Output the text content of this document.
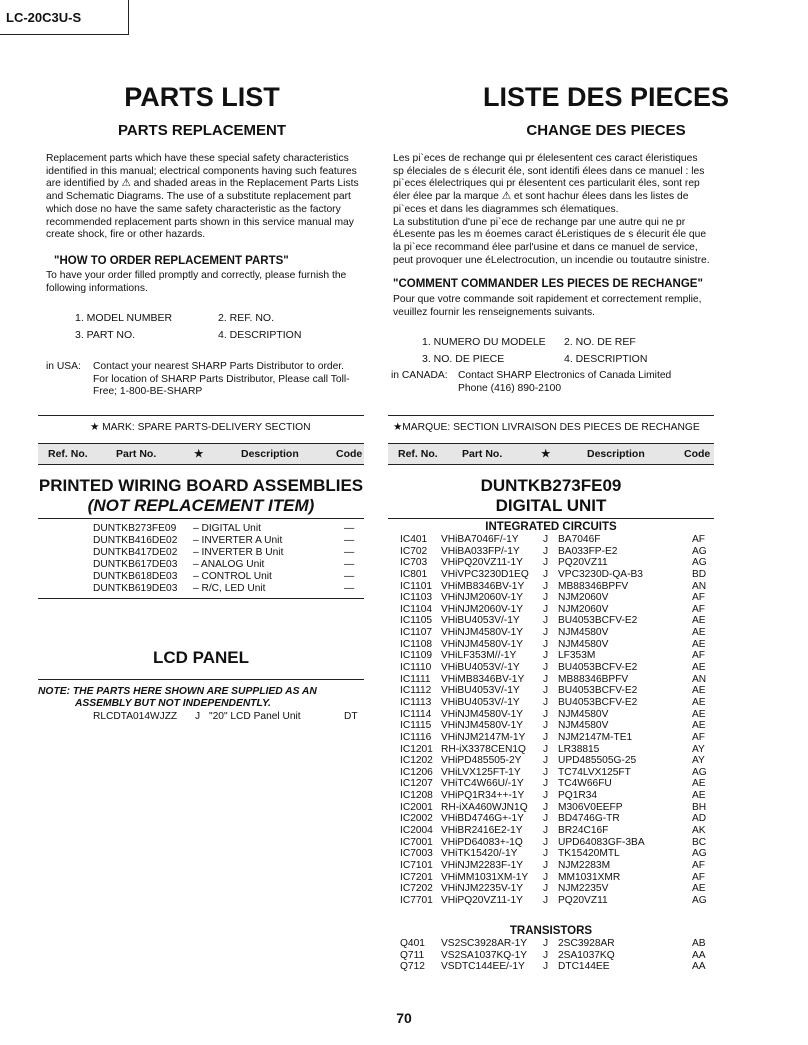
LC-20C3U-S
PARTS LIST
PARTS REPLACEMENT
Replacement parts which have these special safety characteristics
identified in this manual; electrical components having such features
are identified by ⚠ and shaded areas in the Replacement Parts Lists
and Schematic Diagrams. The use of a substitute replacement part
which dose no have the same safety characteristic as the factory
recommended replacement parts shown in this service manual may
create shock, fire or other hazards.
"HOW TO ORDER REPLACEMENT PARTS"
To have your order filled promptly and correctly, please furnish the
following informations.
1. MODEL NUMBER	2. REF. NO.
3. PART NO.	4. DESCRIPTION
in USA: Contact your nearest SHARP Parts Distributor to order.
For location of SHARP Parts Distributor, Please call Toll-
Free; 1-800-BE-SHARP
LISTE DES PIECES
CHANGE DES PIECES
Les pi`eces de rechange qui pr élelesentent ces caract éleristiques
sp éleciales de s élecurit éle, sont identifi élees dans ce manuel : les
pi`eces élelectriques qui pr élesentent ces particularit éles, sont rep
éler élee par la marque ⚠ et sont hachur élees dans les listes de
pi`eces et dans les diagrammes sch élematiques.
La substitution d'une pi`ece de rechange par une autre qui ne pr
éLesente pas les m éoemes caract éLeristiques de s élecurit éle que
la pi`ece recommand élee parl'usine et dans ce manuel de service,
peut provoquer une éLelectrocution, un incendie ou toutautre sinistre.
"COMMENT COMMANDER LES PIECES DE RECHANGE"
Pour que votre commande soit rapidement et correctement remplie,
veuillez fournir les renseignements suivants.
1. NUMERO DU MODELE 2. NO. DE REF
3. NO. DE PIECE	4. DESCRIPTION
in CANADA: Contact SHARP Electronics of Canada Limited
Phone (416) 890-2100
★ MARK: SPARE PARTS-DELIVERY SECTION	★MARQUE: SECTION LIVRAISON DES PIECES DE RECHANGE
Ref. No.	Part No.	★	Description	Code	Ref. No. Part No.	★	Description	Code
PRINTED WIRING BOARD ASSEMBLIES
(NOT REPLACEMENT ITEM)
DUNTKB273FE09 – DIGITAL Unit	—
DUNTKB416DE02 – INVERTER A Unit	—
DUNTKB417DE02 – INVERTER B Unit	—
DUNTKB617DE03 – ANALOG Unit	—
DUNTKB618DE03 – CONTROL Unit	—
DUNTKB619DE03 – R/C, LED Unit	—
LCD PANEL
NOTE: THE PARTS HERE SHOWN ARE SUPPLIED AS AN
ASSEMBLY BUT NOT INDEPENDENTLY.
RLCDTA014WJZZ J "20" LCD Panel Unit	DT
DUNTKB273FE09
DIGITAL UNIT
INTEGRATED CIRCUITS
IC401 VHiBA7046F/-1Y J BA7046F	AF
IC702 VHiBA033FP/-1Y J BA033FP-E2	AG
IC703 VHiPQ20VZ11-1Y J PQ20VZ11	AG
IC801 VHiVPC3230D1EQ J VPC3230D-QA-B3	BD
IC1101 VHiMB8346BV-1Y J MB88346BPFV	AN
IC1103 VHiNJM2060V-1Y J NJM2060V	AF
IC1104 VHiNJM2060V-1Y J NJM2060V	AF
IC1105 VHiBU4053V/-1Y J BU4053BCFV-E2	AE
IC1107 VHiNJM4580V-1Y J NJM4580V	AE
IC1108 VHiNJM4580V-1Y J NJM4580V	AE
IC1109 VHiLF353M//-1Y	J LF353M	AF
IC1110 VHiBU4053V/-1Y J BU4053BCFV-E2	AE
IC1111 VHiMB8346BV-1Y J MB88346BPFV	AN
IC1112 VHiBU4053V/-1Y J BU4053BCFV-E2	AE
IC1113 VHiBU4053V/-1Y J BU4053BCFV-E2	AE
IC1114 VHiNJM4580V-1Y J NJM4580V	AE
IC1115 VHiNJM4580V-1Y J NJM4580V	AE
IC1116 VHiNJM2147M-1Y J NJM2147M-TE1	AF
IC1201 RH-iX3378CEN1Q J LR38815	AY
IC1202 VHiPD485505-2Y J UPD485505G-25	AY
IC1206 VHiLVX125FT-1Y J TC74LVX125FT	AG
IC1207 VHiTC4W66U/-1Y J TC4W66FU	AE
IC1208 VHiPQ1R34++-1Y J PQ1R34	AE
IC2001 RH-iXA460WJN1Q J M306V0EEFP	BH
IC2002 VHiBD4746G+-1Y J BD4746G-TR	AD
IC2004 VHiBR2416E2-1Y J BR24C16F	AK
IC7001 VHiPD64083+-1Q J UPD64083GF-3BA	BC
IC7003 VHiTK15420/-1Y	J TK15420MTL	AG
IC7101 VHiNJM2283F-1Y J NJM2283M	AF
IC7201 VHiMM1031XM-1Y J MM1031XMR	AF
IC7202 VHiNJM2235V-1Y J NJM2235V	AE
IC7701 VHiPQ20VZ11-1Y J PQ20VZ11	AG
TRANSISTORS
Q401 VS2SC3928AR-1Y J 2SC3928AR	AB
Q711 VS2SA1037KQ-1Y J 2SA1037KQ	AA
Q712 VSDTC144EE/-1Y J DTC144EE	AA
70
